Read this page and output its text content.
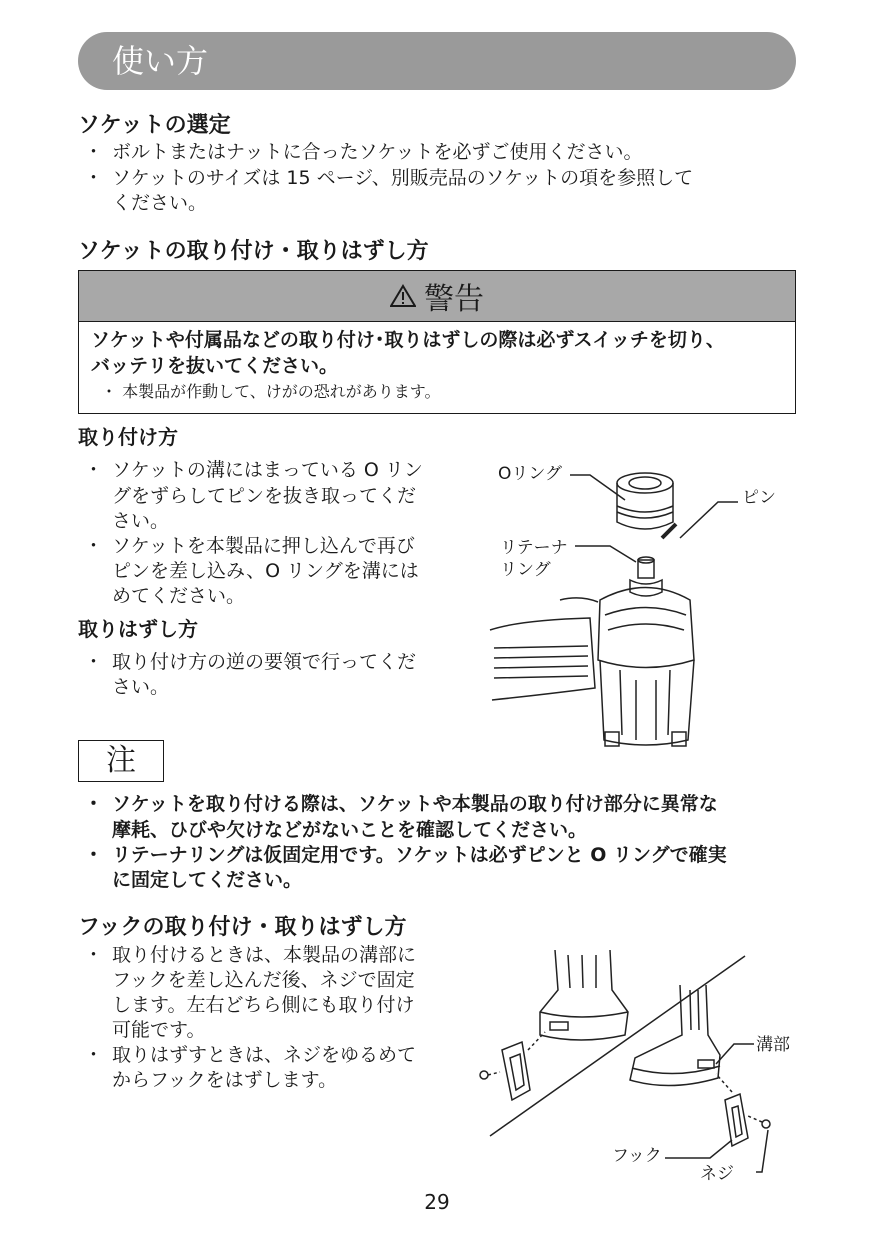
使い方
ソケットの選定
・ ボルトまたはナットに合ったソケットを必ずご使用ください。
・ ソケットのサイズは 15 ページ、別販売品のソケットの項を参照して
ください。
ソケットの取り付け・取りはずし方
警告
ソケットや付属品などの取り付け･取りはずしの際は必ずスイッチを切り、
バッテリを抜いてください。
・ 本製品が作動して、けがの恐れがあります。
取り付け方
・ ソケットの溝にはまっている O リン
グをずらしてピンを抜き取ってくだ
さい。
・ ソケットを本製品に押し込んで再び
ピンを差し込み、O リングを溝には
めてください。
取りはずし方
・ 取り付け方の逆の要領で行ってくだ
さい。
Oリング
ピン
リテーナ
リング
注
・ ソケットを取り付ける際は、ソケットや本製品の取り付け部分に異常な
摩耗、ひびや欠けなどがないことを確認してください。
・ リテーナリングは仮固定用です。ソケットは必ずピンと O リングで確実
に固定してください。
フックの取り付け・取りはずし方
・ 取り付けるときは、本製品の溝部に
フックを差し込んだ後、ネジで固定
します。左右どちら側にも取り付け
可能です。
・ 取りはずすときは、ネジをゆるめて
からフックをはずします。
溝部
フック
ネジ
29
